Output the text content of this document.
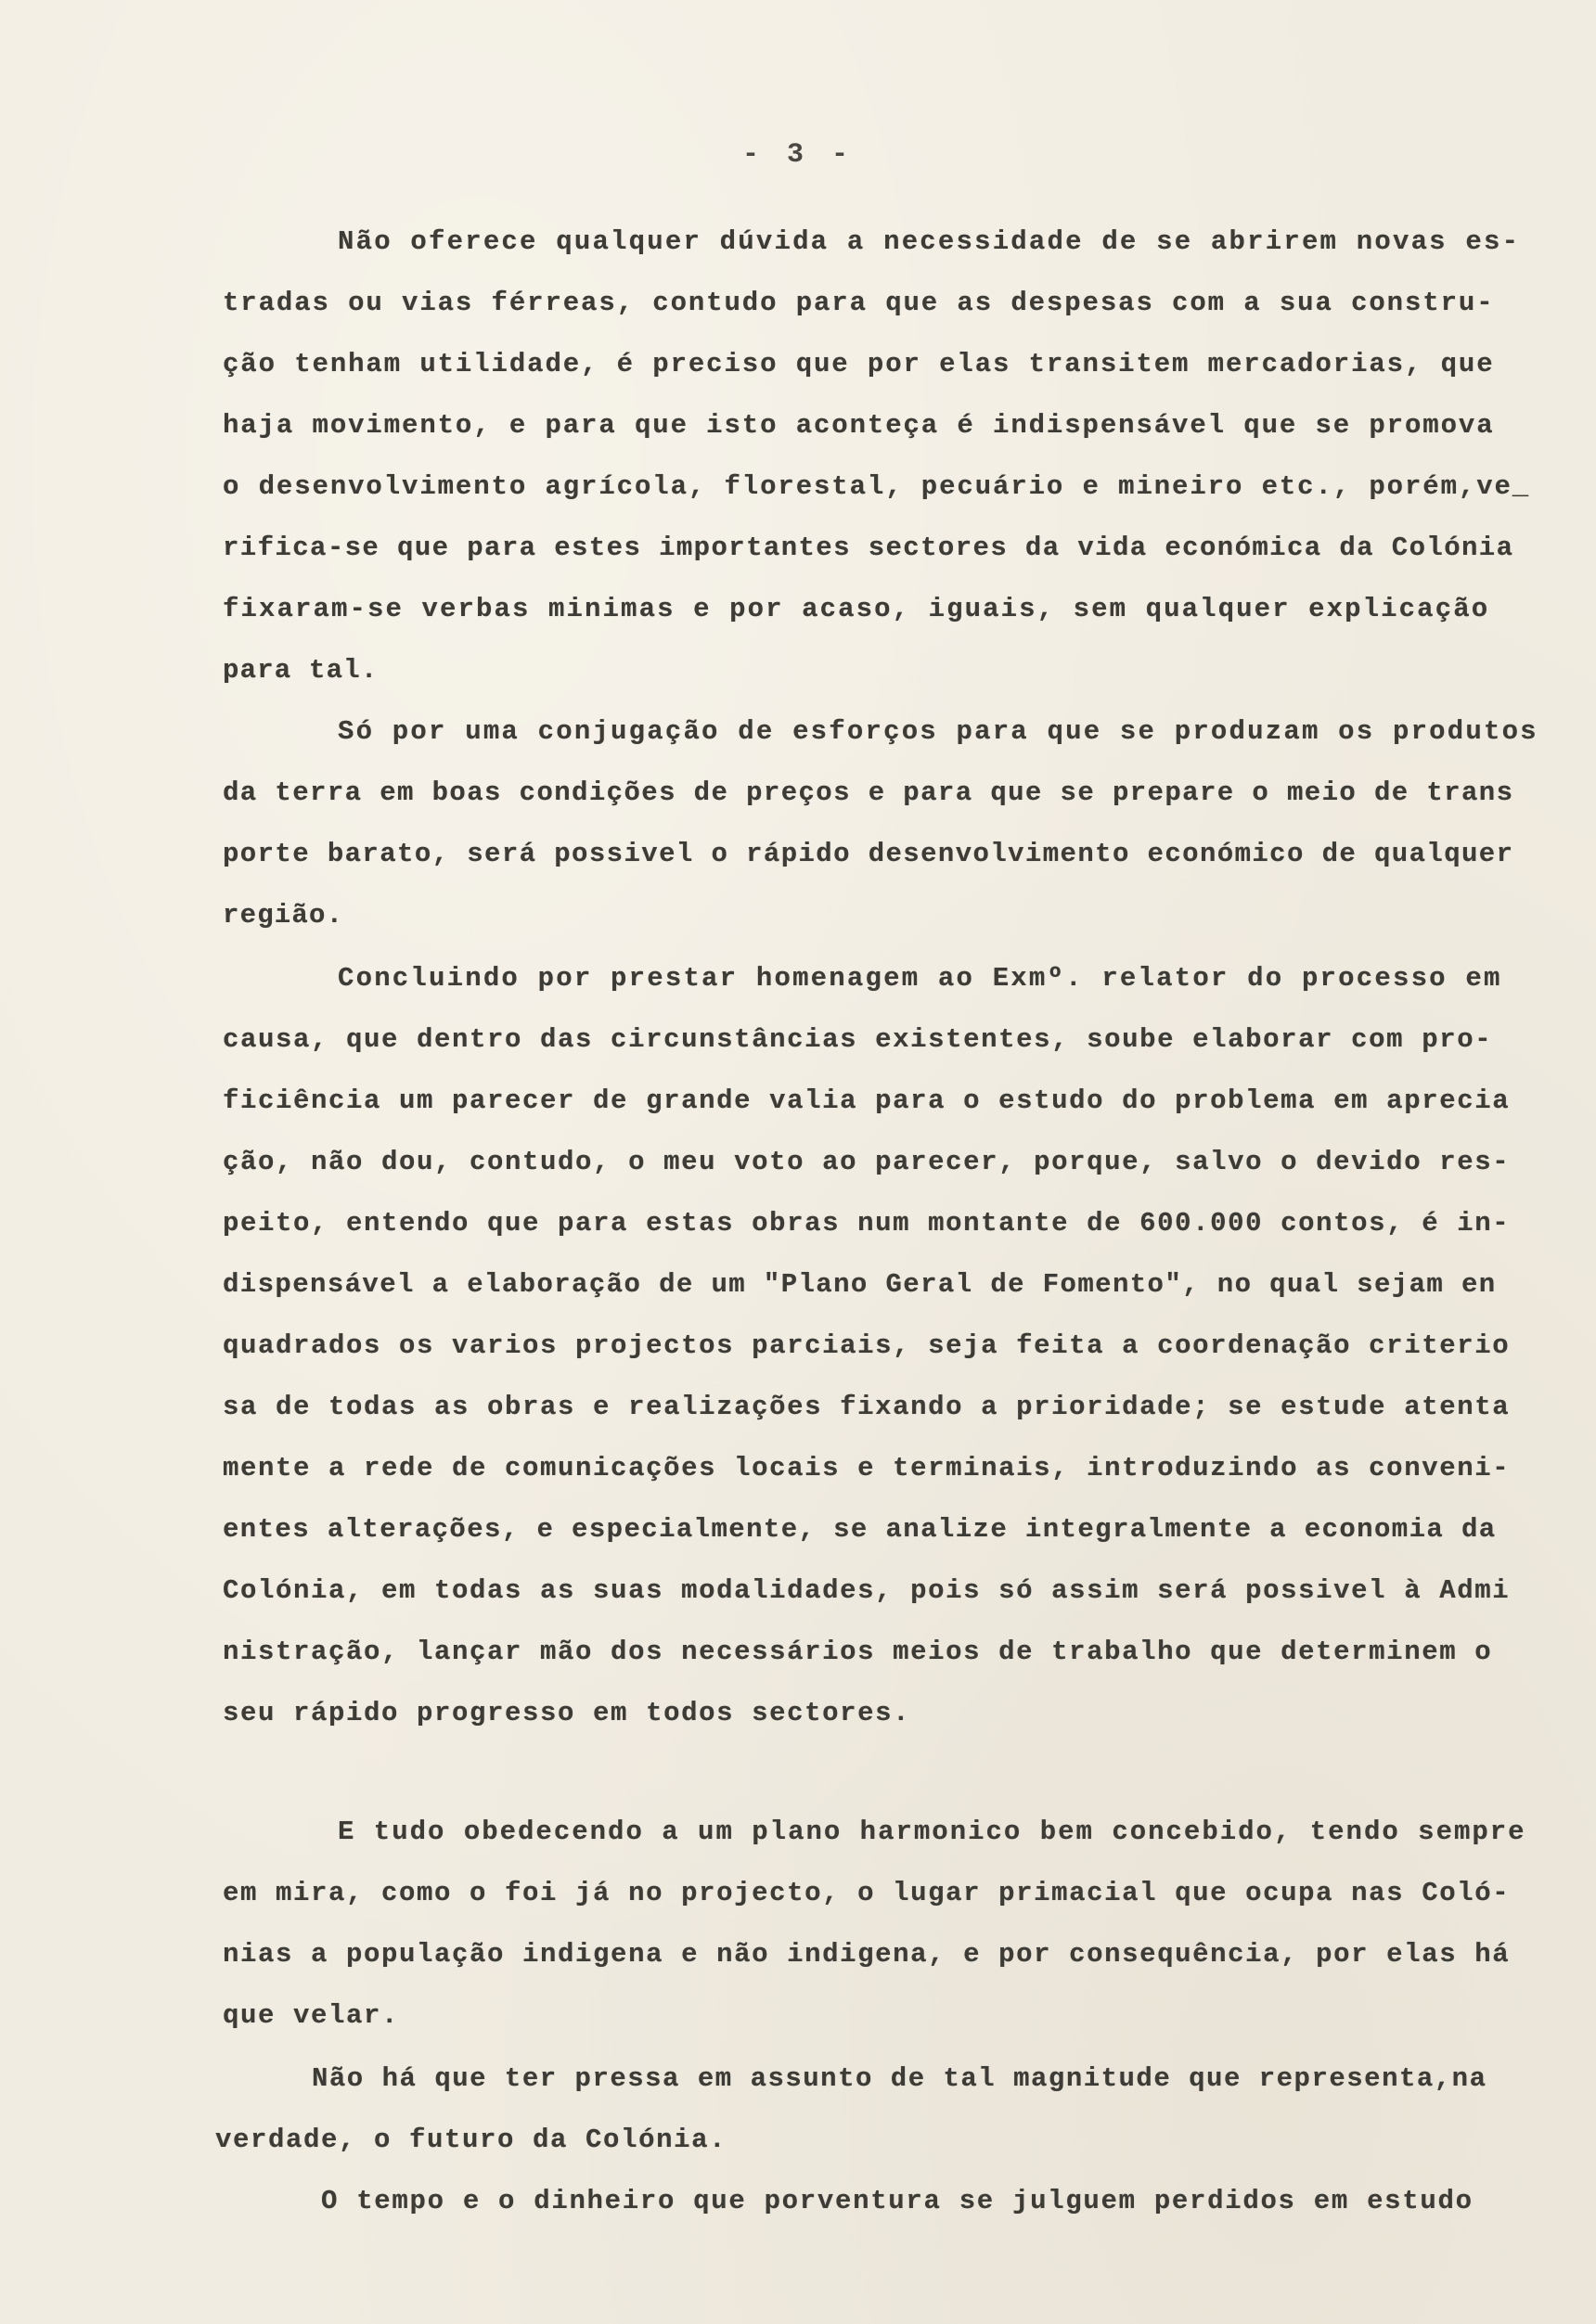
- 3 -
Não oferece qualquer dúvida a necessidade de se abrirem novas es-
tradas ou vias férreas, contudo para que as despesas com a sua constru-
ção tenham utilidade, é preciso que por elas transitem mercadorias, que
haja movimento, e para que isto aconteça é indispensável que se promova
o desenvolvimento agrícola, florestal, pecuário e mineiro etc., porém,ve_
rifica-se que para estes importantes sectores da vida económica da Colónia
fixaram-se verbas minimas e por acaso, iguais, sem qualquer explicação
para tal.
Só por uma conjugação de esforços para que se produzam os produtos
da terra em boas condições de preços e para que se prepare o meio de trans
porte barato, será possivel o rápido desenvolvimento económico de qualquer
região.
Concluindo por prestar homenagem ao Exmº. relator do processo em
causa, que dentro das circunstâncias existentes, soube elaborar com pro-
ficiência um parecer de grande valia para o estudo do problema em aprecia
ção, não dou, contudo, o meu voto ao parecer, porque, salvo o devido res-
peito, entendo que para estas obras num montante de 600.000 contos, é in-
dispensável a elaboração de um "Plano Geral de Fomento", no qual sejam en
quadrados os varios projectos parciais, seja feita a coordenação criterio
sa de todas as obras e realizações fixando a prioridade; se estude atenta
mente a rede de comunicações locais e terminais, introduzindo as conveni-
entes alterações, e especialmente, se analize integralmente a economia da
Colónia, em todas as suas modalidades, pois só assim será possivel à Admi
nistração, lançar mão dos necessários meios de trabalho que determinem o
seu rápido progresso em todos sectores.
E tudo obedecendo a um plano harmonico bem concebido, tendo sempre
em mira, como o foi já no projecto, o lugar primacial que ocupa nas Coló-
nias a população indigena e não indigena, e por consequência, por elas há
que velar.
Não há que ter pressa em assunto de tal magnitude que representa,na
verdade, o futuro da Colónia.
O tempo e o dinheiro que porventura se julguem perdidos em estudo
